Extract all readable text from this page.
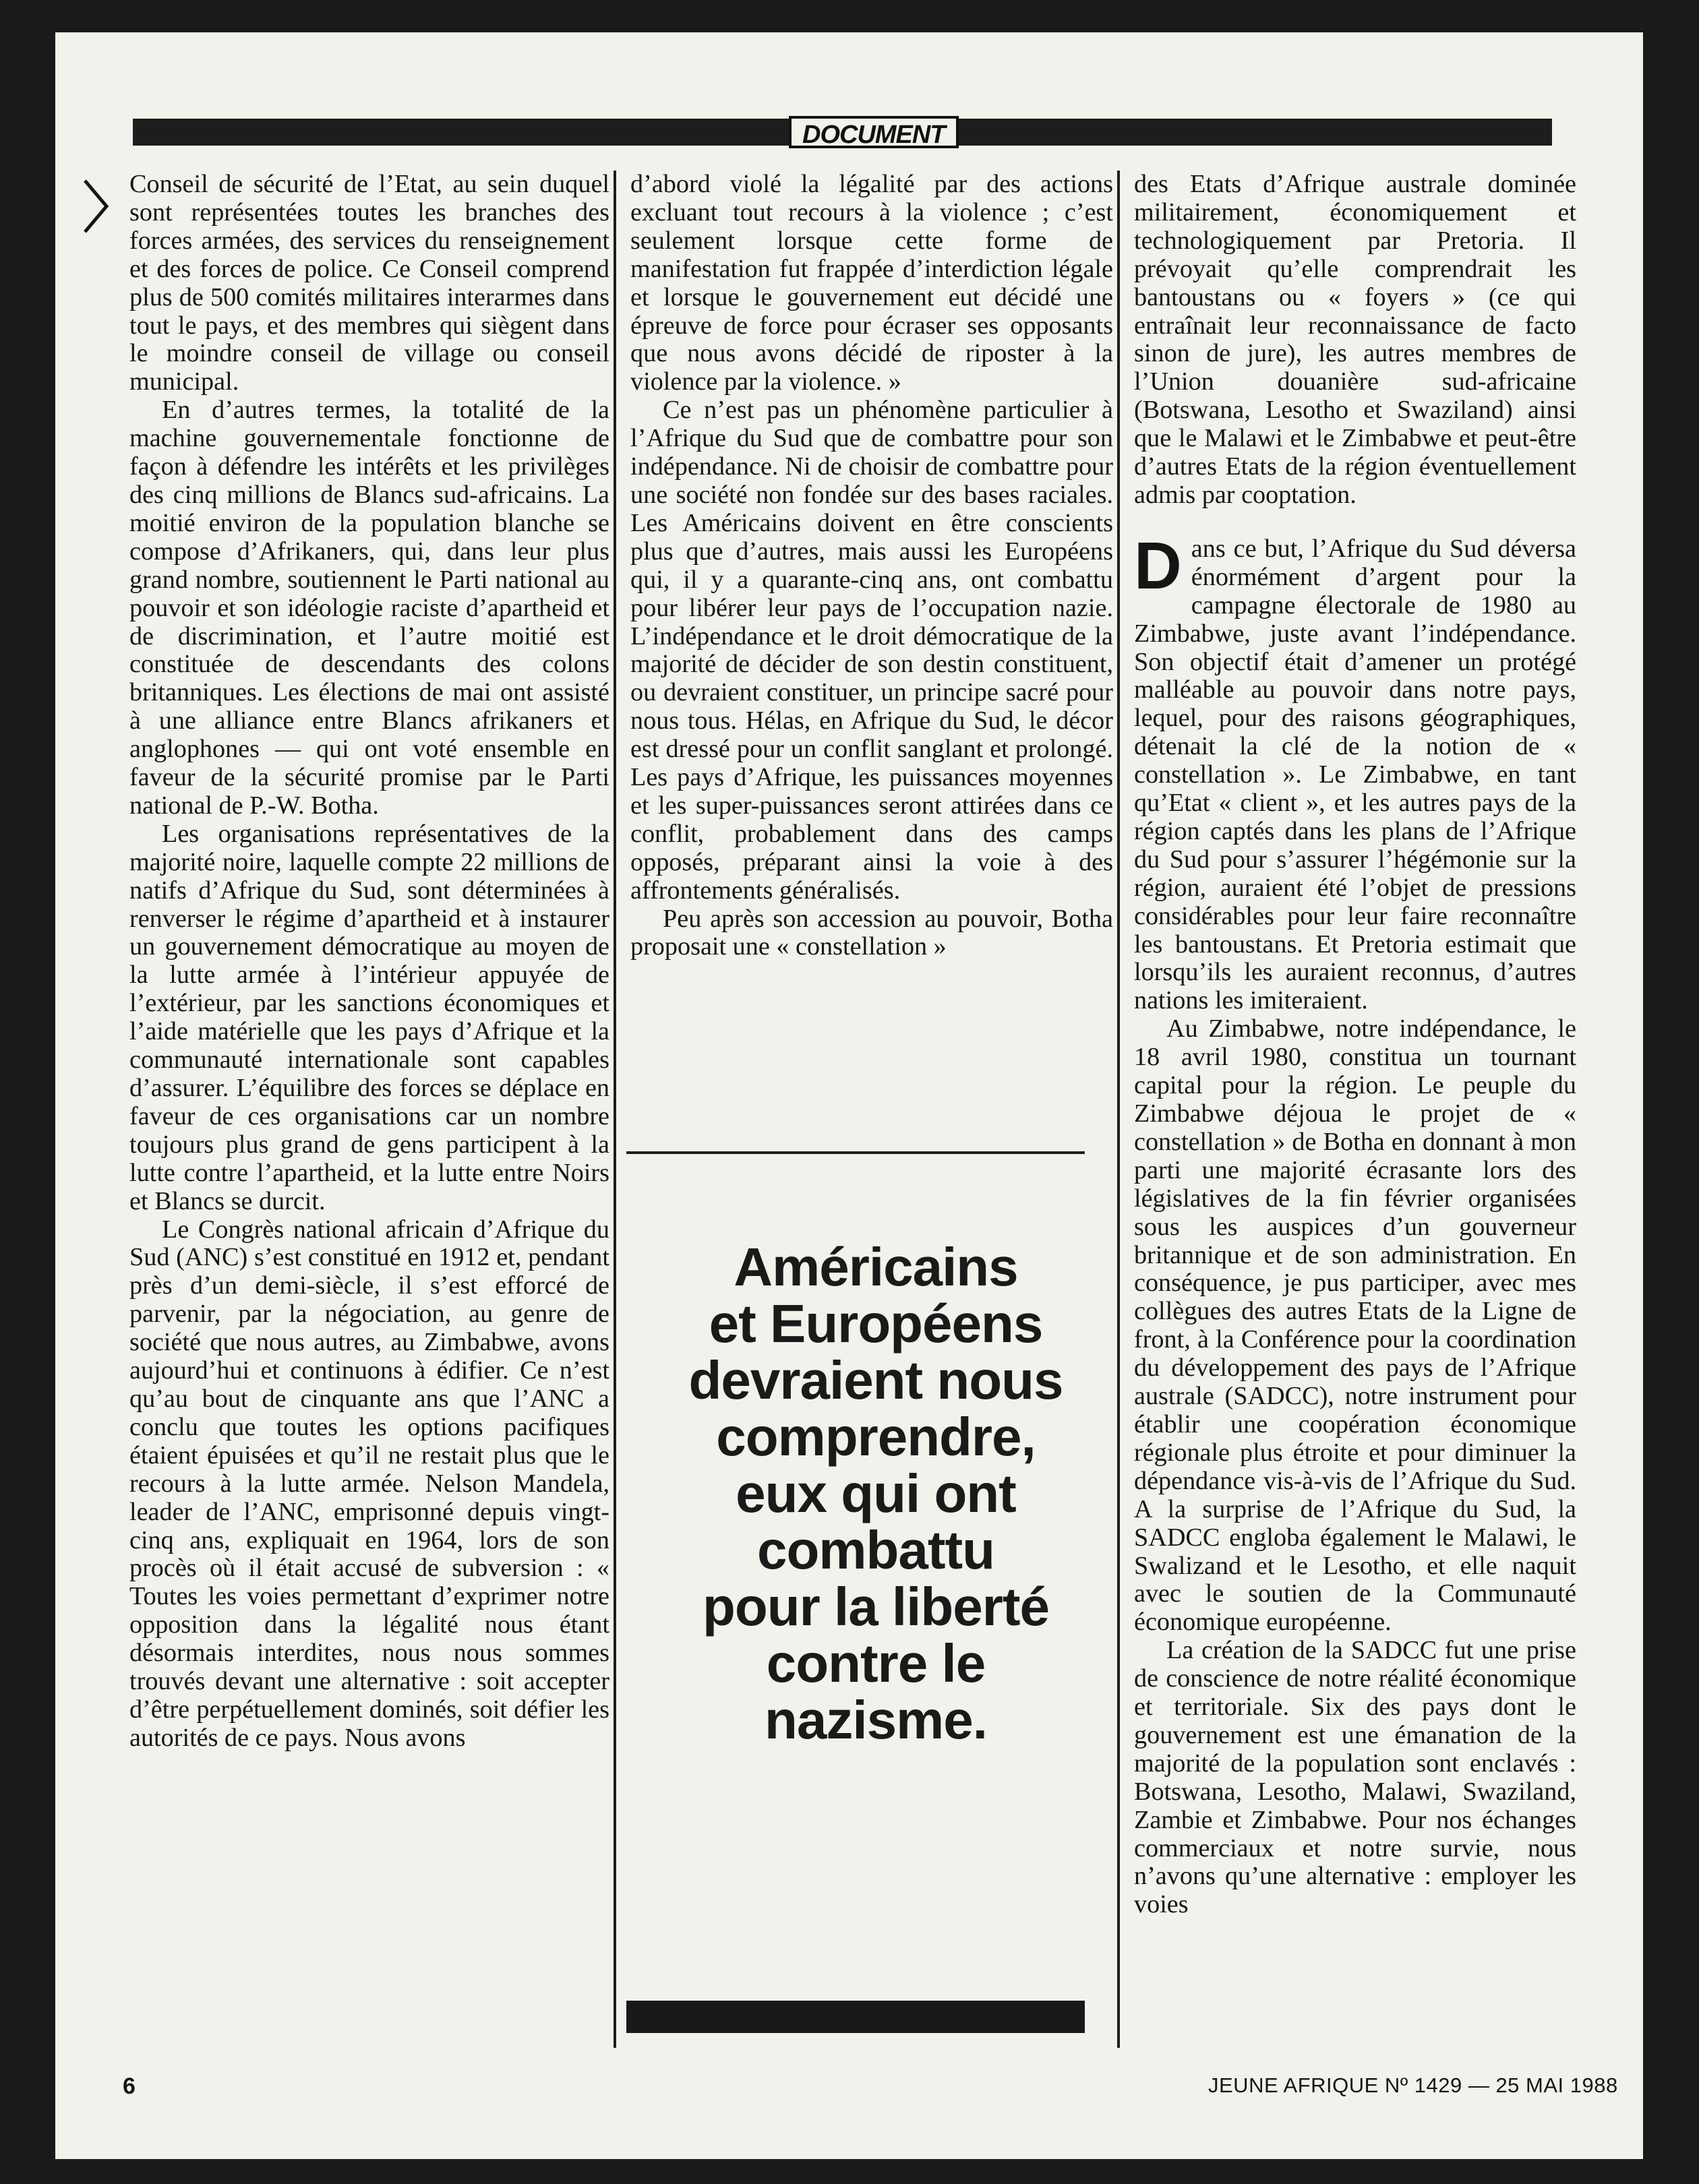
DOCUMENT

Conseil de sécurité de l’Etat, au sein duquel sont représentées toutes les branches des forces armées, des services du renseignement et des forces de police. Ce Conseil comprend plus de 500 comités militaires interarmes dans tout le pays, et des membres qui siègent dans le moindre conseil de village ou conseil municipal.

En d’autres termes, la totalité de la machine gouvernementale fonctionne de façon à défendre les intérêts et les privilèges des cinq millions de Blancs sud-africains. La moitié environ de la population blanche se compose d’Afrikaners, qui, dans leur plus grand nombre, soutiennent le Parti national au pouvoir et son idéologie raciste d’apartheid et de discrimination, et l’autre moitié est constituée de descendants des colons britanniques. Les élections de mai ont assisté à une alliance entre Blancs afrikaners et anglophones — qui ont voté ensemble en faveur de la sécurité promise par le Parti national de P.-W. Botha.

Les organisations représentatives de la majorité noire, laquelle compte 22 millions de natifs d’Afrique du Sud, sont déterminées à renverser le régime d’apartheid et à instaurer un gouvernement démocratique au moyen de la lutte armée à l’intérieur appuyée de l’extérieur, par les sanctions économiques et l’aide matérielle que les pays d’Afrique et la communauté internationale sont capables d’assurer. L’équilibre des forces se déplace en faveur de ces organisations car un nombre toujours plus grand de gens participent à la lutte contre l’apartheid, et la lutte entre Noirs et Blancs se durcit.

Le Congrès national africain d’Afrique du Sud (ANC) s’est constitué en 1912 et, pendant près d’un demi-siècle, il s’est efforcé de parvenir, par la négociation, au genre de société que nous autres, au Zimbabwe, avons aujourd’hui et continuons à édifier. Ce n’est qu’au bout de cinquante ans que l’ANC a conclu que toutes les options pacifiques étaient épuisées et qu’il ne restait plus que le recours à la lutte armée. Nelson Mandela, leader de l’ANC, emprisonné depuis vingt-cinq ans, expliquait en 1964, lors de son procès où il était accusé de subversion : « Toutes les voies permettant d’exprimer notre opposition dans la légalité nous étant désormais interdites, nous nous sommes trouvés devant une alternative : soit accepter d’être perpétuellement dominés, soit défier les autorités de ce pays. Nous avons

d’abord violé la légalité par des actions excluant tout recours à la violence ; c’est seulement lorsque cette forme de manifestation fut frappée d’interdiction légale et lorsque le gouvernement eut décidé une épreuve de force pour écraser ses opposants que nous avons décidé de riposter à la violence par la violence. »

Ce n’est pas un phénomène particulier à l’Afrique du Sud que de combattre pour son indépendance. Ni de choisir de combattre pour une société non fondée sur des bases raciales. Les Américains doivent en être conscients plus que d’autres, mais aussi les Européens qui, il y a quarante-cinq ans, ont combattu pour libérer leur pays de l’occupation nazie. L’indépendance et le droit démocratique de la majorité de décider de son destin constituent, ou devraient constituer, un principe sacré pour nous tous. Hélas, en Afrique du Sud, le décor est dressé pour un conflit sanglant et prolongé. Les pays d’Afrique, les puissances moyennes et les super-puissances seront attirées dans ce conflit, probablement dans des camps opposés, préparant ainsi la voie à des affrontements généralisés.

Peu après son accession au pouvoir, Botha proposait une « constellation »

Américains
et Européens
devraient nous
comprendre,
eux qui ont
combattu
pour la liberté
contre le
nazisme.

des Etats d’Afrique australe dominée militairement, économiquement et technologiquement par Pretoria. Il prévoyait qu’elle comprendrait les bantoustans ou « foyers » (ce qui entraînait leur reconnaissance de facto sinon de jure), les autres membres de l’Union douanière sud-africaine (Botswana, Lesotho et Swaziland) ainsi que le Malawi et le Zimbabwe et peut-être d’autres Etats de la région éventuellement admis par cooptation.

Dans ce but, l’Afrique du Sud déversa énormément d’argent pour la campagne électorale de 1980 au Zimbabwe, juste avant l’indépendance. Son objectif était d’amener un protégé malléable au pouvoir dans notre pays, lequel, pour des raisons géographiques, détenait la clé de la notion de « constellation ». Le Zimbabwe, en tant qu’Etat « client », et les autres pays de la région captés dans les plans de l’Afrique du Sud pour s’assurer l’hégémonie sur la région, auraient été l’objet de pressions considérables pour leur faire reconnaître les bantoustans. Et Pretoria estimait que lorsqu’ils les auraient reconnus, d’autres nations les imiteraient.

Au Zimbabwe, notre indépendance, le 18 avril 1980, constitua un tournant capital pour la région. Le peuple du Zimbabwe déjoua le projet de « constellation » de Botha en donnant à mon parti une majorité écrasante lors des législatives de la fin février organisées sous les auspices d’un gouverneur britannique et de son administration. En conséquence, je pus participer, avec mes collègues des autres Etats de la Ligne de front, à la Conférence pour la coordination du développement des pays de l’Afrique australe (SADCC), notre instrument pour établir une coopération économique régionale plus étroite et pour diminuer la dépendance vis-à-vis de l’Afrique du Sud. A la surprise de l’Afrique du Sud, la SADCC engloba également le Malawi, le Swalizand et le Lesotho, et elle naquit avec le soutien de la Communauté économique européenne.

La création de la SADCC fut une prise de conscience de notre réalité économique et territoriale. Six des pays dont le gouvernement est une émanation de la majorité de la population sont enclavés : Botswana, Lesotho, Malawi, Swaziland, Zambie et Zimbabwe. Pour nos échanges commerciaux et notre survie, nous n’avons qu’une alternative : employer les voies

6	JEUNE AFRIQUE Nº 1429 — 25 MAI 1988
